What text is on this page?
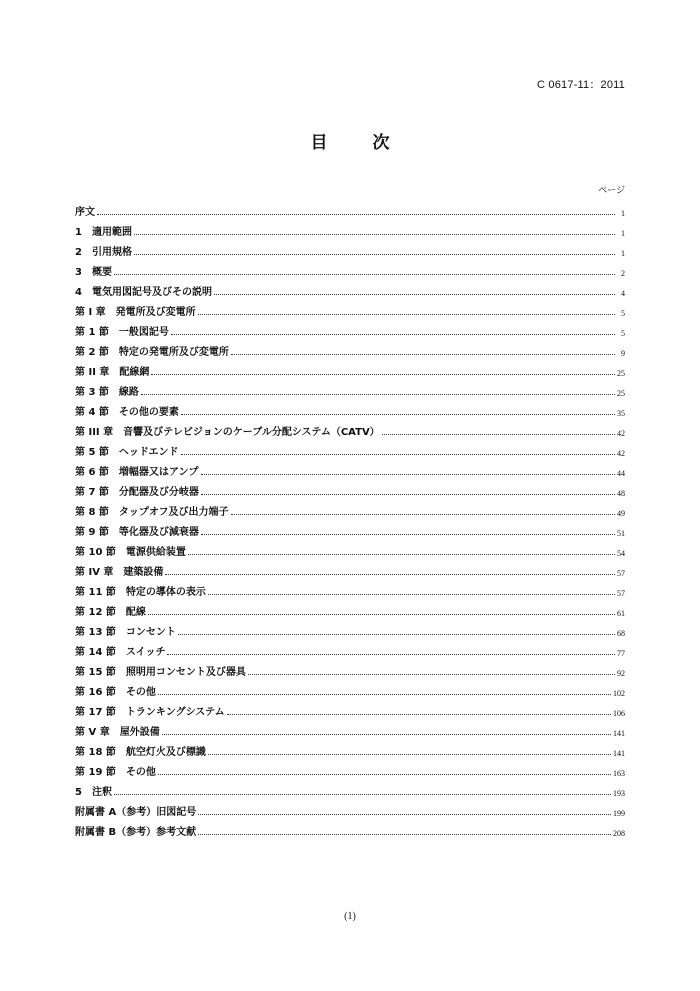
C 0617-11：2011
目　次
ページ
序文	1
1　適用範囲	1
2　引用規格	1
3　概要	2
4　電気用図記号及びその説明	4
第 I 章　発電所及び変電所	5
第 1 節　一般図記号	5
第 2 節　特定の発電所及び変電所	9
第 II 章　配線網	25
第 3 節　線路	25
第 4 節　その他の要素	35
第 III 章　音響及びテレビジョンのケーブル分配システム（CATV）	42
第 5 節　ヘッドエンド	42
第 6 節　増幅器又はアンプ	44
第 7 節　分配器及び分岐器	48
第 8 節　タップオフ及び出力端子	49
第 9 節　等化器及び減衰器	51
第 10 節　電源供給装置	54
第 IV 章　建築設備	57
第 11 節　特定の導体の表示	57
第 12 節　配線	61
第 13 節　コンセント	68
第 14 節　スイッチ	77
第 15 節　照明用コンセント及び器具	92
第 16 節　その他	102
第 17 節　トランキングシステム	106
第 V 章　屋外設備	141
第 18 節　航空灯火及び標識	141
第 19 節　その他	163
5　注釈	193
附属書 A（参考）旧図記号	199
附属書 B（参考）参考文献	208
(1)
